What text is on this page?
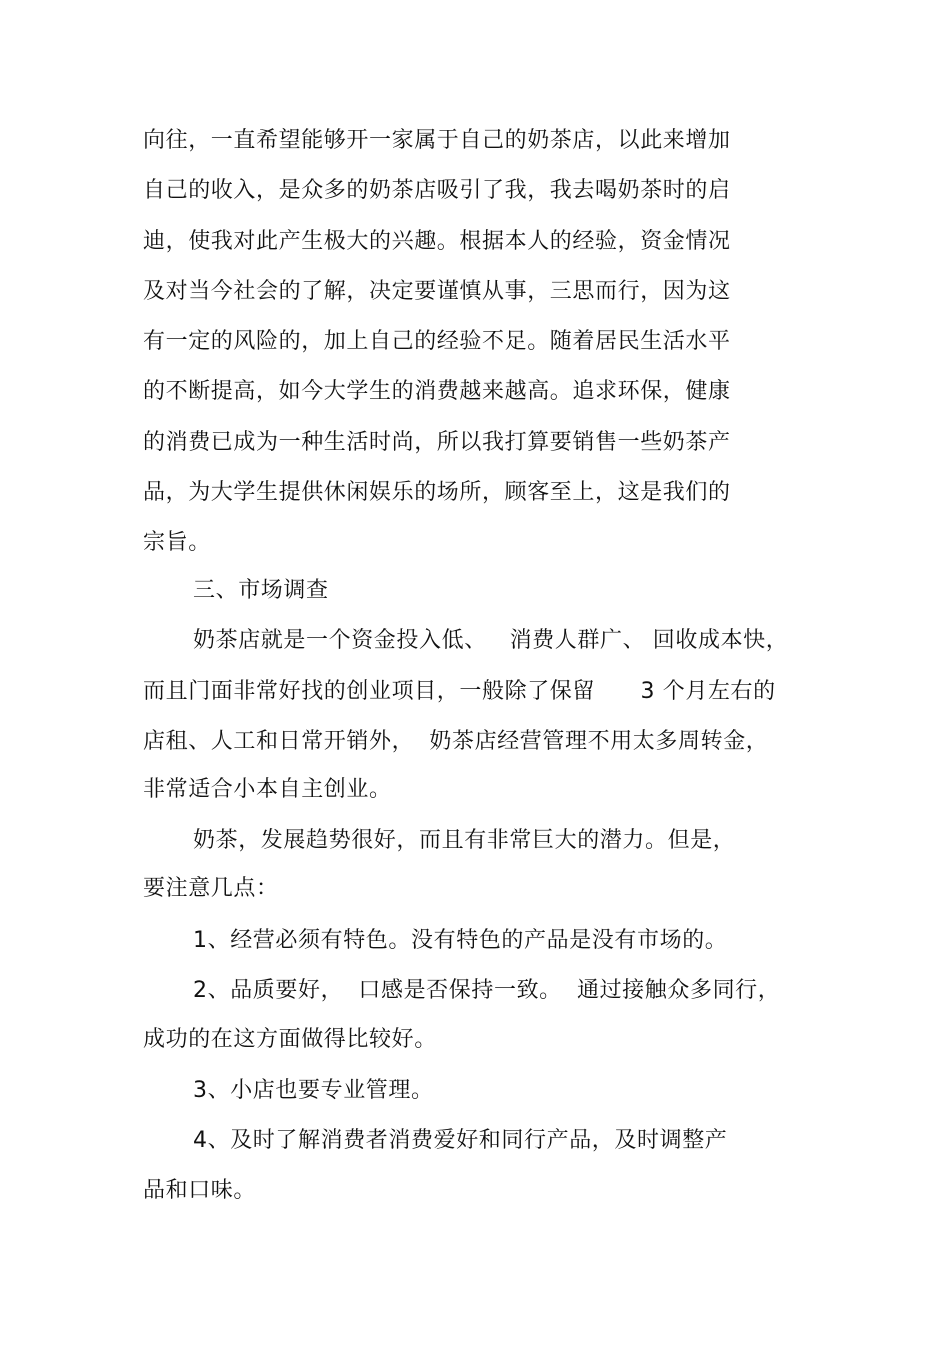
向往，一直希望能够开一家属于自己的奶茶店，以此来增加
自己的收入，是众多的奶茶店吸引了我，我去喝奶茶时的启
迪，使我对此产生极大的兴趣。根据本人的经验，资金情况
及对当今社会的了解，决定要谨慎从事，三思而行，因为这
有一定的风险的，加上自己的经验不足。随着居民生活水平
的不断提高，如今大学生的消费越来越高。追求环保，健康
的消费已成为一种生活时尚，所以我打算要销售一些奶茶产
品，为大学生提供休闲娱乐的场所，顾客至上，这是我们的
宗旨。
三、市场调查
奶茶店就是一个资金投入低、   消费人群广、 回收成本快，
而且门面非常好找的创业项目，一般除了保留      3 个月左右的
店租、人工和日常开销外，  奶茶店经营管理不用太多周转金，
非常适合小本自主创业。
奶茶，发展趋势很好，而且有非常巨大的潜力。但是，
要注意几点：
1、经营必须有特色。没有特色的产品是没有市场的。
2、品质要好，  口感是否保持一致。  通过接触众多同行，
成功的在这方面做得比较好。
3、小店也要专业管理。
4、及时了解消费者消费爱好和同行产品，及时调整产
品和口味。
